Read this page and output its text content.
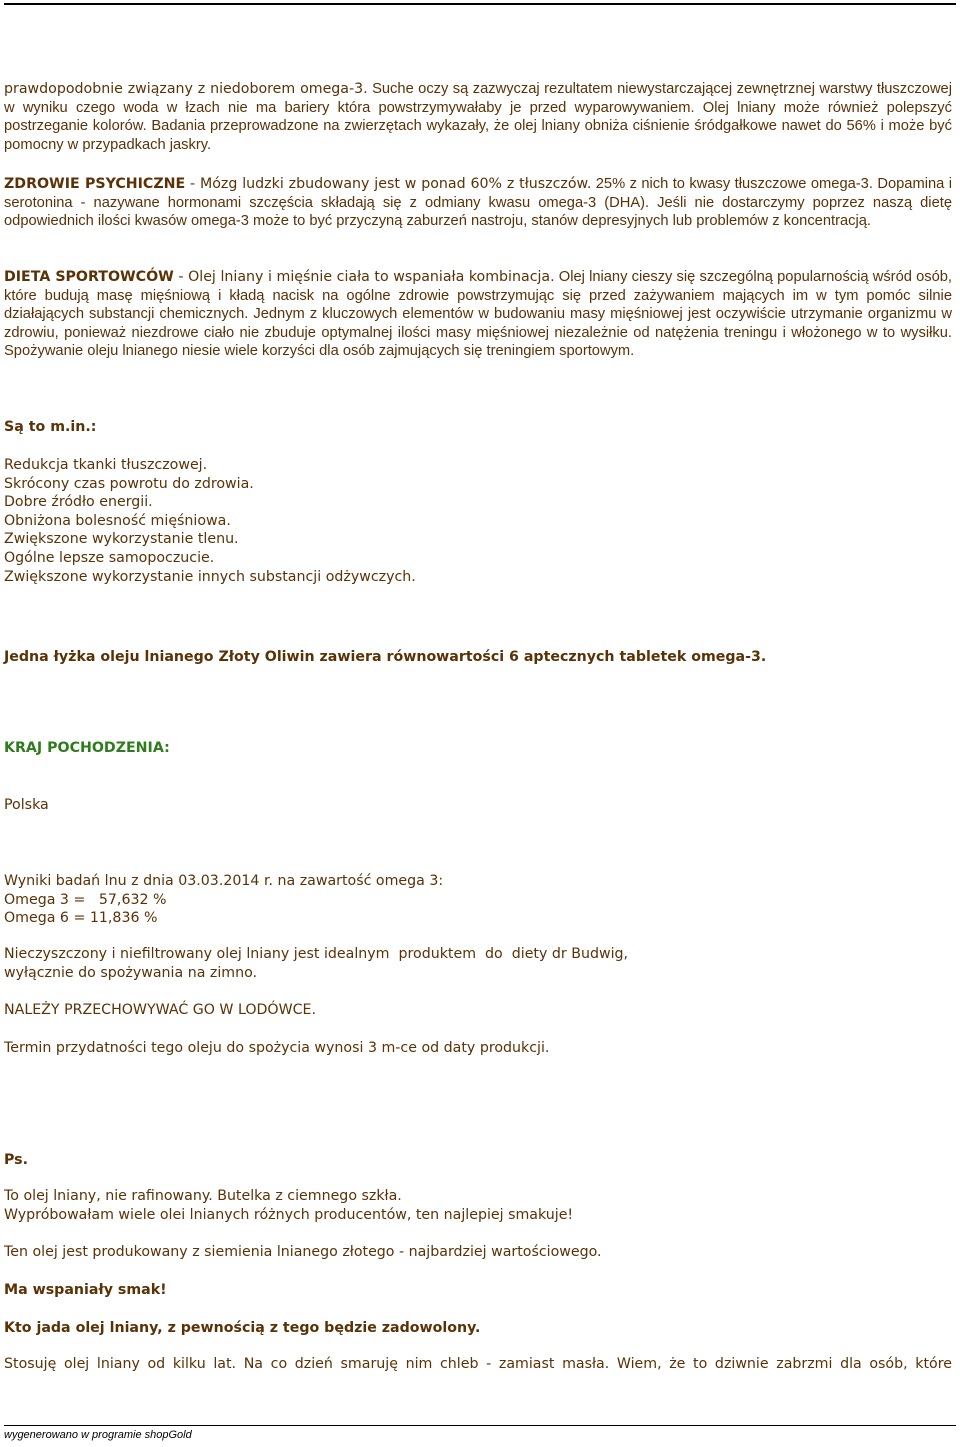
prawdopodobnie związany z niedoborem omega-3. Suche oczy są zazwyczaj rezultatem niewystarczającej zewnętrznej warstwy tłuszczowej w wyniku czego woda w łzach nie ma bariery która powstrzymywałaby je przed wyparowywaniem. Olej lniany może również polepszyć postrzeganie kolorów. Badania przeprowadzone na zwierzętach wykazały, że olej lniany obniża ciśnienie śródgałkowe nawet do 56% i może być pomocny w przypadkach jaskry.

ZDROWIE PSYCHICZNE - Mózg ludzki zbudowany jest w ponad 60% z tłuszczów. 25% z nich to kwasy tłuszczowe omega-3. Dopamina i serotonina - nazywane hormonami szczęścia składają się z odmiany kwasu omega-3 (DHA). Jeśli nie dostarczymy poprzez naszą dietę odpowiednich ilości kwasów omega-3 może to być przyczyną zaburzeń nastroju, stanów depresyjnych lub problemów z koncentracją.

DIETA SPORTOWCÓW - Olej lniany i mięśnie ciała to wspaniała kombinacja. Olej lniany cieszy się szczególną popularnością wśród osób, które budują masę mięśniową i kładą nacisk na ogólne zdrowie powstrzymując się przed zażywaniem mających im w tym pomóc silnie działających substancji chemicznych. Jednym z kluczowych elementów w budowaniu masy mięśniowej jest oczywiście utrzymanie organizmu w zdrowiu, ponieważ niezdrowe ciało nie zbuduje optymalnej ilości masy mięśniowej niezależnie od natężenia treningu i włożonego w to wysiłku. Spożywanie oleju lnianego niesie wiele korzyści dla osób zajmujących się treningiem sportowym.

Są to m.in.:
Redukcja tkanki tłuszczowej.
Skrócony czas powrotu do zdrowia.
Dobre źródło energii.
Obniżona bolesność mięśniowa.
Zwiększone wykorzystanie tlenu.
Ogólne lepsze samopoczucie.
Zwiększone wykorzystanie innych substancji odżywczych.
Jedna łyżka oleju lnianego Złoty Oliwin zawiera równowartości 6 aptecznych tabletek omega-3.
KRAJ POCHODZENIA:
Polska
Wyniki badań lnu z dnia 03.03.2014 r. na zawartość omega 3:
Omega 3 =   57,632 %
Omega 6 = 11,836 %
Nieczyszczony i niefiltrowany olej lniany jest idealnym  produktem  do  diety dr Budwig,
wyłącznie do spożywania na zimno.
NALEŻY PRZECHOWYWAĆ GO W LODÓWCE.
Termin przydatności tego oleju do spożycia wynosi 3 m-ce od daty produkcji.
Ps.
To olej lniany, nie rafinowany. Butelka z ciemnego szkła.
Wypróbowałam wiele olei lnianych różnych producentów, ten najlepiej smakuje!
Ten olej jest produkowany z siemienia lnianego złotego - najbardziej wartościowego.
Ma wspaniały smak!
Kto jada olej lniany, z pewnością z tego będzie zadowolony.
Stosuję olej lniany od kilku lat. Na co dzień smaruję nim chleb - zamiast masła. Wiem, że to dziwnie zabrzmi dla osób, które
wygenerowano w programie shopGold
